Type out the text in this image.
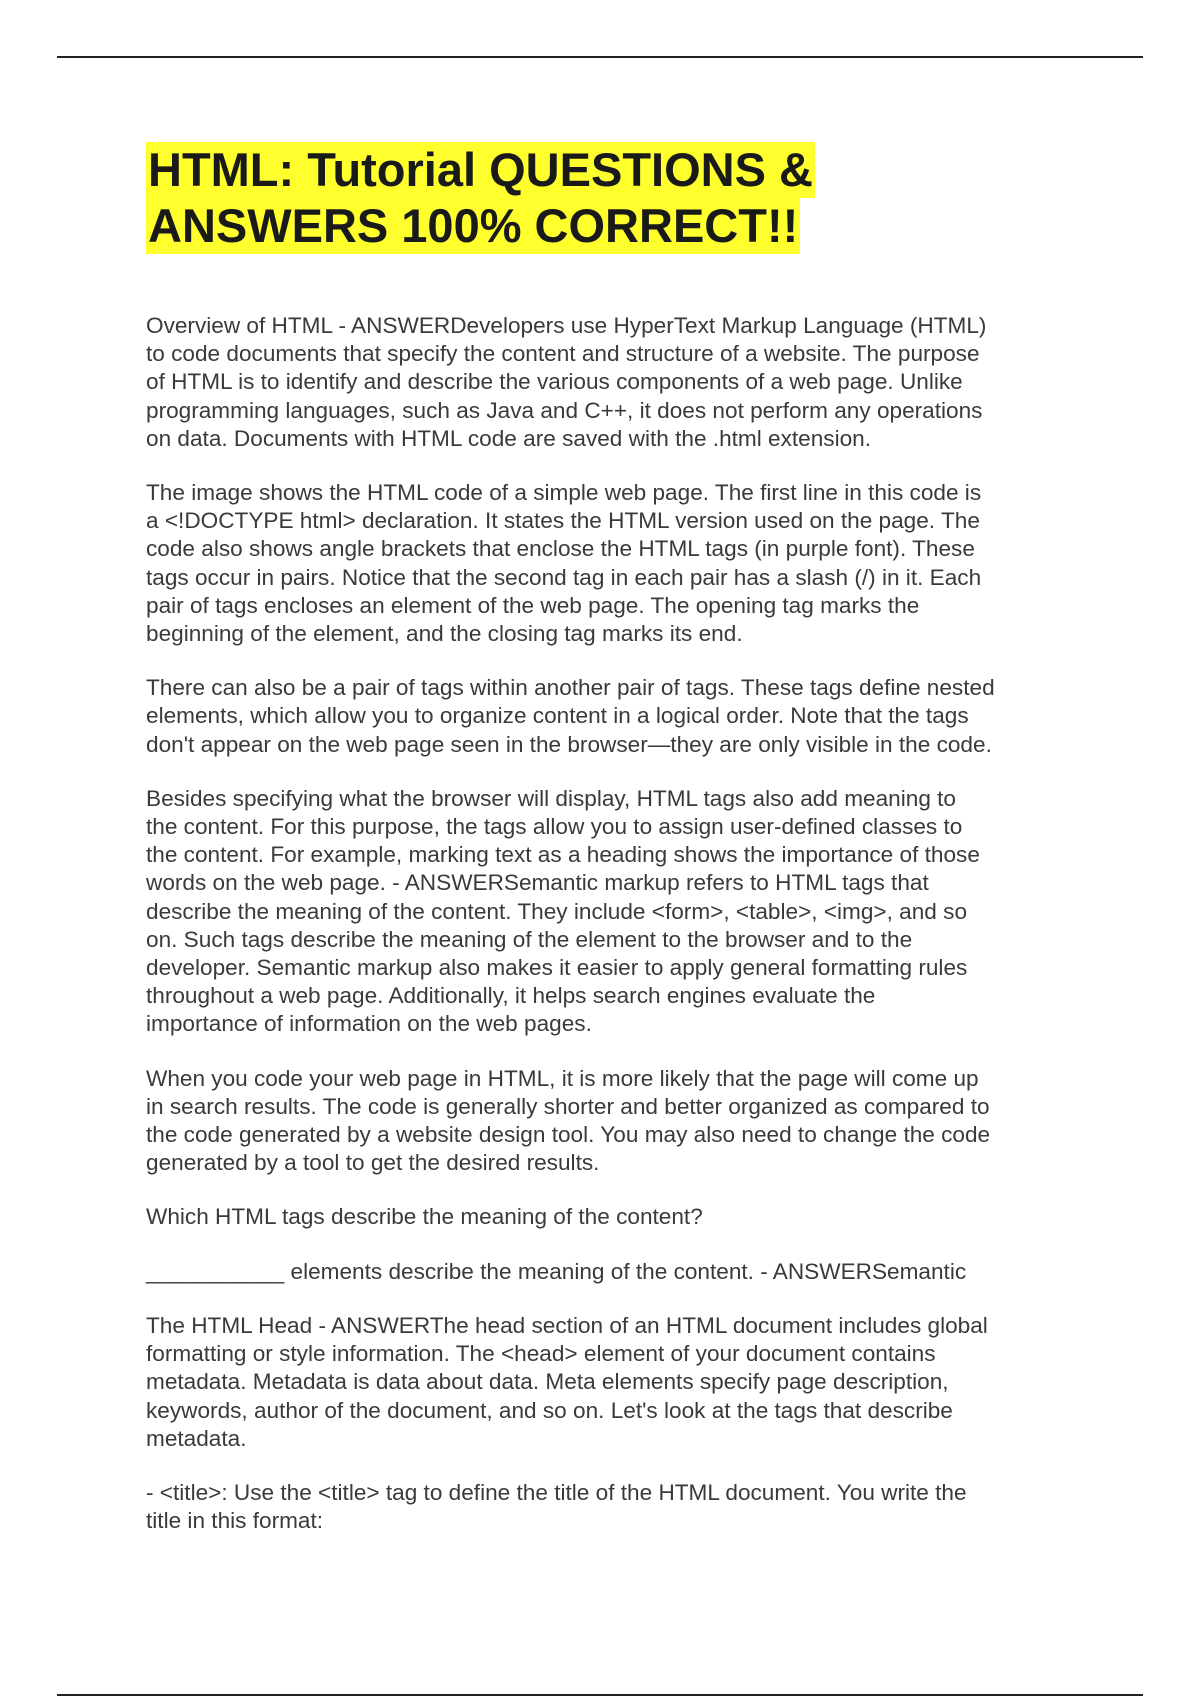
HTML: Tutorial QUESTIONS &
ANSWERS 100% CORRECT!!

Overview of HTML - ANSWERDevelopers use HyperText Markup Language (HTML)
to code documents that specify the content and structure of a website. The purpose
of HTML is to identify and describe the various components of a web page. Unlike
programming languages, such as Java and C++, it does not perform any operations
on data. Documents with HTML code are saved with the .html extension.

The image shows the HTML code of a simple web page. The first line in this code is
a <!DOCTYPE html> declaration. It states the HTML version used on the page. The
code also shows angle brackets that enclose the HTML tags (in purple font). These
tags occur in pairs. Notice that the second tag in each pair has a slash (/) in it. Each
pair of tags encloses an element of the web page. The opening tag marks the
beginning of the element, and the closing tag marks its end.

There can also be a pair of tags within another pair of tags. These tags define nested
elements, which allow you to organize content in a logical order. Note that the tags
don't appear on the web page seen in the browser—they are only visible in the code.

Besides specifying what the browser will display, HTML tags also add meaning to
the content. For this purpose, the tags allow you to assign user-defined classes to
the content. For example, marking text as a heading shows the importance of those
words on the web page. - ANSWERSemantic markup refers to HTML tags that
describe the meaning of the content. They include <form>, <table>, <img>, and so
on. Such tags describe the meaning of the element to the browser and to the
developer. Semantic markup also makes it easier to apply general formatting rules
throughout a web page. Additionally, it helps search engines evaluate the
importance of information on the web pages.

When you code your web page in HTML, it is more likely that the page will come up
in search results. The code is generally shorter and better organized as compared to
the code generated by a website design tool. You may also need to change the code
generated by a tool to get the desired results.

Which HTML tags describe the meaning of the content?

___________ elements describe the meaning of the content. - ANSWERSemantic

The HTML Head - ANSWERThe head section of an HTML document includes global
formatting or style information. The <head> element of your document contains
metadata. Metadata is data about data. Meta elements specify page description,
keywords, author of the document, and so on. Let's look at the tags that describe
metadata.

- <title>: Use the <title> tag to define the title of the HTML document. You write the
title in this format:
